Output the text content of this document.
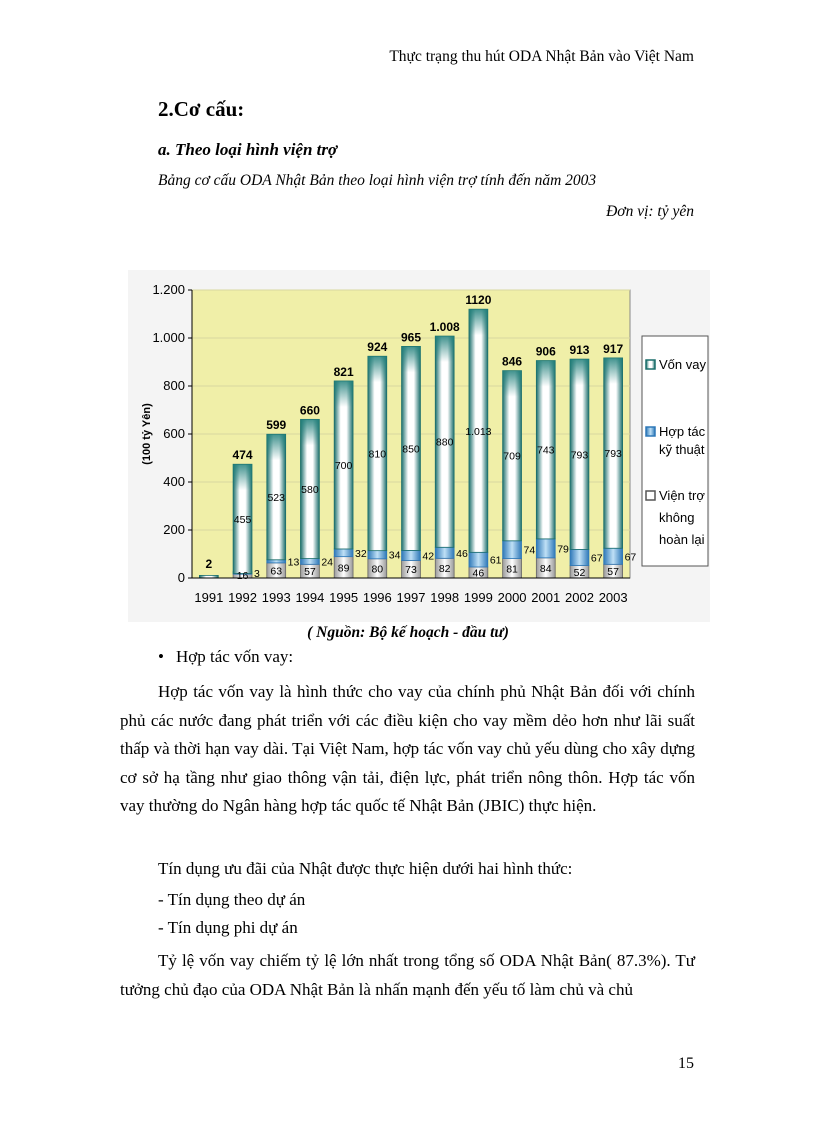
Thực trạng thu hút ODA Nhật Bản vào Việt Nam
2.Cơ cấu:
a. Theo loại hình viện trợ
Bảng cơ cấu ODA Nhật Bản theo loại hình viện trợ tính đến năm 2003
Đơn vị: tỷ yên
1991
2
1992
474
455
3
16
1993
599
523
13
63
1994
660
580
24
57
1995
821
700
32
89
1996
924
810
34
80
1997
965
850
42
73
1998
1.008
880
46
82
1999
1120
1.013
61
46
2000
846
709
74
81
2001
906
743
79
84
2002
913
793
67
52
2003
917
793
67
57
0
200
400
600
800
1.000
1.200
(100 tỷ Yên)
Vốn vay
Hợp tác
kỹ thuật
Viện trợ
không
hoàn lại
( Nguồn: Bộ kế hoạch - đầu tư)
• Hợp tác vốn vay:

Hợp tác vốn vay là hình thức cho vay của chính phủ Nhật Bản đối với chính phủ các nước đang phát triển với các điều kiện cho vay mềm dẻo hơn như lãi suất thấp và thời hạn vay dài. Tại Việt Nam, hợp tác vốn vay chủ yếu dùng cho xây dựng cơ sở hạ tầng như giao thông vận tải, điện lực, phát triển nông thôn. Hợp tác vốn vay thường do Ngân hàng hợp tác quốc tế Nhật Bản (JBIC) thực hiện.

Tín dụng ưu đãi của Nhật được thực hiện dưới hai hình thức:

- Tín dụng theo dự án
- Tín dụng phi dự án

Tỷ lệ vốn vay chiếm tỷ lệ lớn nhất trong tổng số ODA Nhật Bản( 87.3%). Tư tưởng chủ đạo của ODA Nhật Bản là nhấn mạnh đến yếu tố làm chủ và chủ

15
